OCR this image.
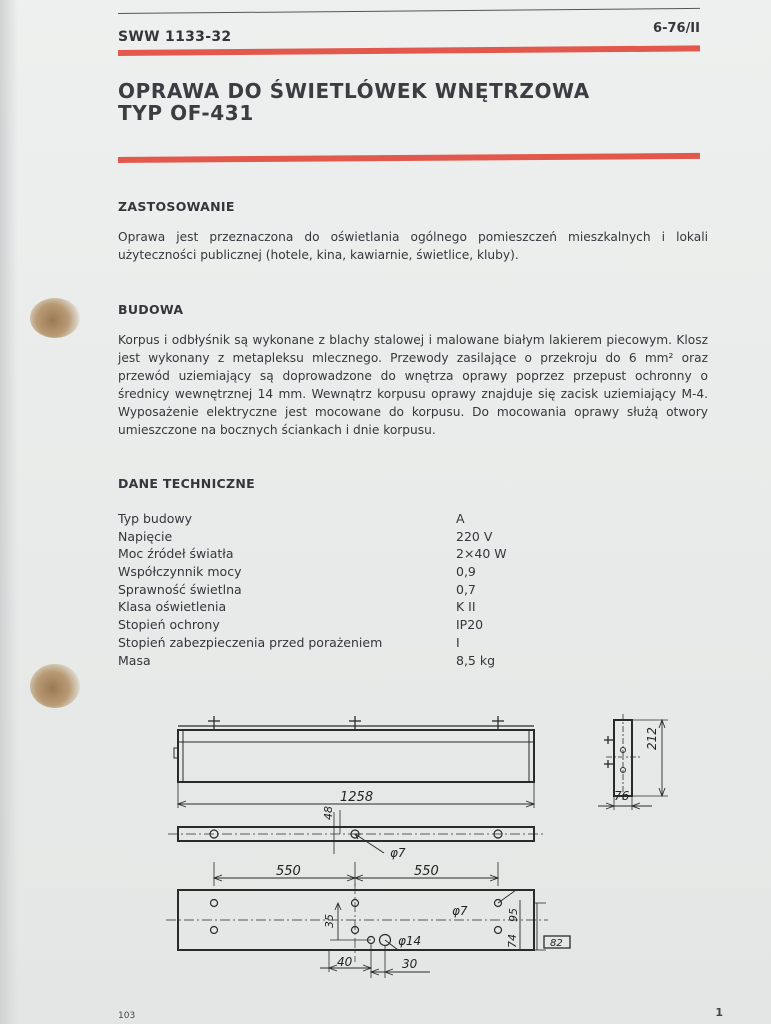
SWW 1133-32
6-76/II
OPRAWA DO ŚWIETLÓWEK WNĘTRZOWA
TYP OF-431
ZASTOSOWANIE

Oprawa jest przeznaczona do oświetlania ogólnego pomieszczeń mieszkalnych i lokali użyteczności publicznej (hotele, kina, kawiarnie, świetlice, kluby).

BUDOWA

Korpus i odbłyśnik są wykonane z blachy stalowej i malowane białym lakierem piecowym. Klosz jest wykonany z metapleksu mlecznego. Przewody zasilające o przekroju do 6 mm² oraz przewód uziemiający są doprowadzone do wnętrza oprawy poprzez przepust ochronny o średnicy wewnętrznej 14 mm. Wewnątrz korpusu oprawy znajduje się zacisk uziemiający M-4. Wyposażenie elektryczne jest mocowane do korpusu. Do mocowania oprawy służą otwory umieszczone na bocznych ściankach i dnie korpusu.

DANE TECHNICZNE
Typ budowy	A
Napięcie	220 V
Moc źródeł światła	2×40 W
Współczynnik mocy	0,9
Sprawność świetlna	0,7
Klasa oświetlenia	K II
Stopień ochrony	IP20
Stopień zabezpieczenia przed porażeniem	I
Masa	8,5 kg
1258
212
76
48
φ7
550	550
φ7
35	95
74
φ14
40	30
82
103	1
